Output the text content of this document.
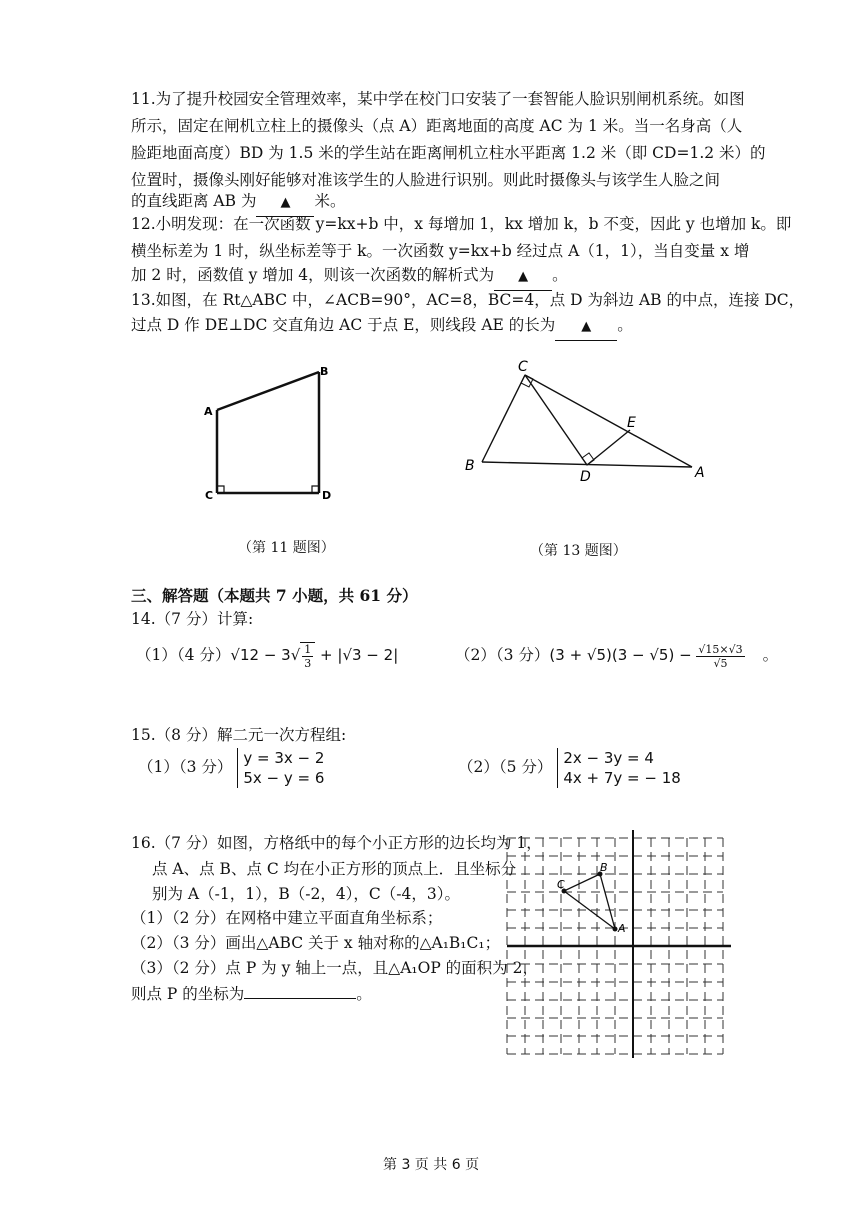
11.为了提升校园安全管理效率，某中学在校门口安装了一套智能人脸识别闸机系统。如图
所示，固定在闸机立柱上的摄像头（点 A）距离地面的高度 AC 为 1 米。当一名身高（人
脸距地面高度）BD 为 1.5 米的学生站在距离闸机立柱水平距离 1.2 米（即 CD=1.2 米）的
位置时，摄像头刚好能够对准该学生的人脸进行识别。则此时摄像头与该学生人脸之间
的直线距离 AB 为 ▲ 米。
12.小明发现：在一次函数 y=kx+b 中，x 每增加 1，kx 增加 k，b 不变，因此 y 也增加 k。即
横坐标差为 1 时，纵坐标差等于 k。一次函数 y=kx+b 经过点 A（1，1），当自变量 x 增
加 2 时，函数值 y 增加 4，则该一次函数的解析式为 ▲ 。
13.如图，在 Rt△ABC 中，∠ACB=90°，AC=8，BC=4，点 D 为斜边 AB 的中点，连接 DC，
过点 D 作 DE⊥DC 交直角边 AC 于点 E，则线段 AE 的长为 ▲ 。
A
B
C	D
（第 11 题图）
C
B
D
E
A
（第 13 题图）
三、解答题（本题共 7 小题，共 61 分）
14.（7 分）计算:
（1）（4 分）$√12 - 3√ \frac{1}{3} + |√3 - 2|$	（2）（3 分）$(3 + √5)(3 - √5) - \frac{√15\times√3}{√5}$ 。
15.（8 分）解二元一次方程组:
（1）（3 分） y = 3x − 2
5x − y = 6
（2）（5 分） 2x − 3y = 4
4x + 7y = − 18
16.（7 分）如图，方格纸中的每个小正方形的边长均为 1，
点 A、点 B、点 C 均在小正方形的顶点上．且坐标分
别为 A（-1，1），B（-2，4），C（-4，3）。
（1）（2 分）在网格中建立平面直角坐标系；
（2）（3 分）画出△ABC 关于 x 轴对称的△A₁B₁C₁；
（3）（2 分）点 P 为 y 轴上一点，且△A₁OP 的面积为 2，
则点 P 的坐标为	。
A
B
C
第 3 页 共 6 页
